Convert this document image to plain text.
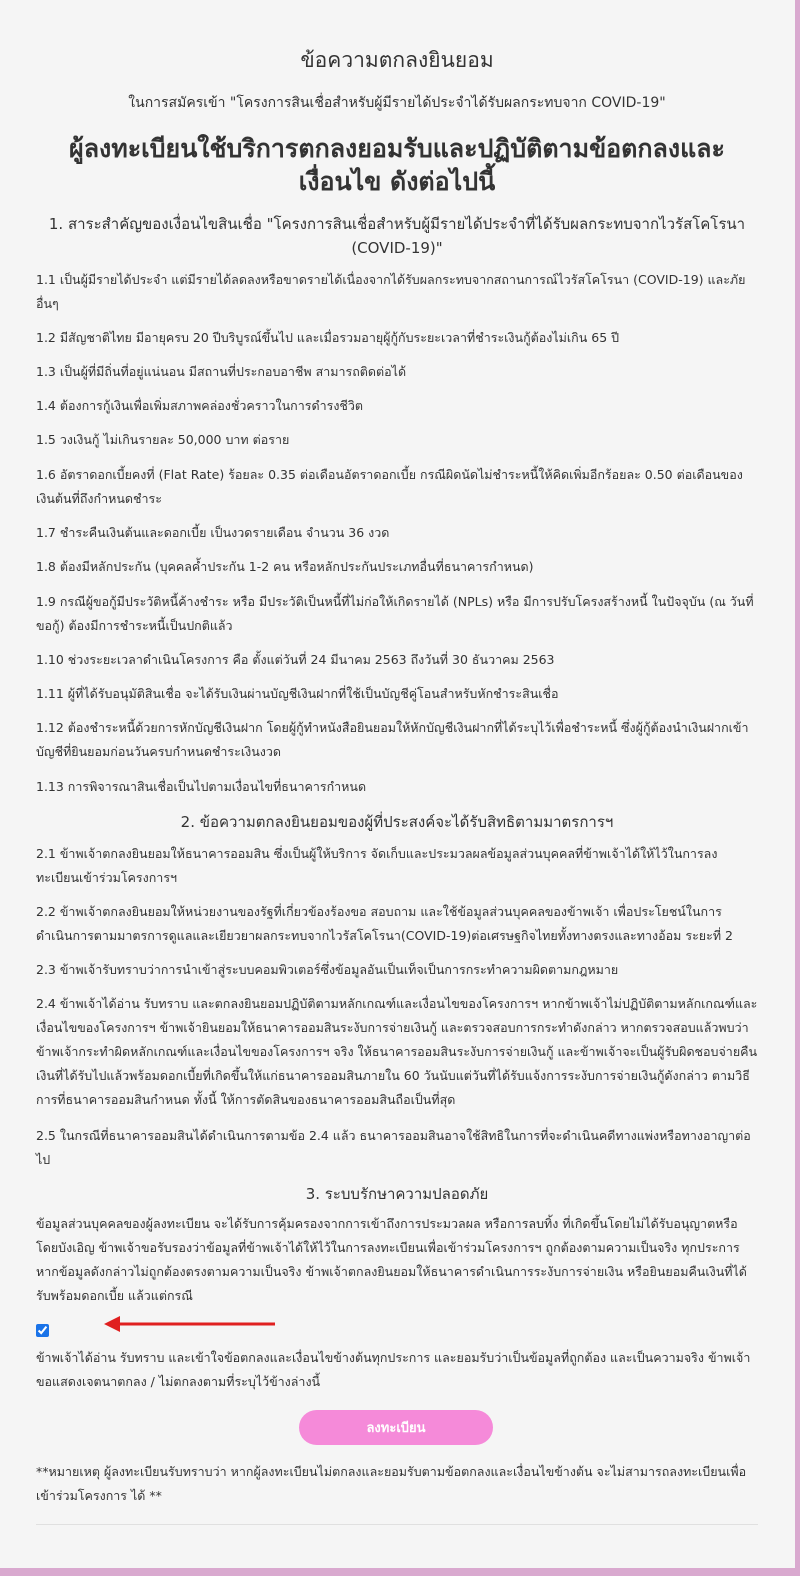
ข้อความตกลงยินยอม
ในการสมัครเข้า "โครงการสินเชื่อสำหรับผู้มีรายได้ประจำได้รับผลกระทบจาก COVID-19"
ผู้ลงทะเบียนใช้บริการตกลงยอมรับและปฏิบัติตามข้อตกลงและเงื่อนไข ดังต่อไปนี้
1. สาระสำคัญของเงื่อนไขสินเชื่อ "โครงการสินเชื่อสำหรับผู้มีรายได้ประจำที่ได้รับผลกระทบจากไวรัสโคโรนา (COVID-19)"
1.1 เป็นผู้มีรายได้ประจำ แต่มีรายได้ลดลงหรือขาดรายได้เนื่องจากได้รับผลกระทบจากสถานการณ์ไวรัสโคโรนา (COVID-19) และภัยอื่นๆ
1.2 มีสัญชาติไทย มีอายุครบ 20 ปีบริบูรณ์ขึ้นไป และเมื่อรวมอายุผู้กู้กับระยะเวลาที่ชำระเงินกู้ต้องไม่เกิน 65 ปี
1.3 เป็นผู้ที่มีถิ่นที่อยู่แน่นอน มีสถานที่ประกอบอาชีพ สามารถติดต่อได้
1.4 ต้องการกู้เงินเพื่อเพิ่มสภาพคล่องชั่วคราวในการดำรงชีวิต
1.5 วงเงินกู้ ไม่เกินรายละ 50,000 บาท ต่อราย
1.6 อัตราดอกเบี้ยคงที่ (Flat Rate) ร้อยละ 0.35 ต่อเดือนอัตราดอกเบี้ย กรณีผิดนัดไม่ชำระหนี้ให้คิดเพิ่มอีกร้อยละ 0.50 ต่อเดือนของเงินต้นที่ถึงกำหนดชำระ
1.7 ชำระคืนเงินต้นและดอกเบี้ย เป็นงวดรายเดือน จำนวน 36 งวด
1.8 ต้องมีหลักประกัน (บุคคลค้ำประกัน 1-2 คน หรือหลักประกันประเภทอื่นที่ธนาคารกำหนด)
1.9 กรณีผู้ขอกู้มีประวัติหนี้ค้างชำระ หรือ มีประวัติเป็นหนี้ที่ไม่ก่อให้เกิดรายได้ (NPLs) หรือ มีการปรับโครงสร้างหนี้ ในปัจจุบัน (ณ วันที่ขอกู้) ต้องมีการชำระหนี้เป็นปกติแล้ว
1.10 ช่วงระยะเวลาดำเนินโครงการ คือ ตั้งแต่วันที่ 24 มีนาคม 2563 ถึงวันที่ 30 ธันวาคม 2563
1.11 ผู้ที่ได้รับอนุมัติสินเชื่อ จะได้รับเงินผ่านบัญชีเงินฝากที่ใช้เป็นบัญชีคู่โอนสำหรับหักชำระสินเชื่อ
1.12 ต้องชำระหนี้ด้วยการหักบัญชีเงินฝาก โดยผู้กู้ทำหนังสือยินยอมให้หักบัญชีเงินฝากที่ได้ระบุไว้เพื่อชำระหนี้ ซึ่งผู้กู้ต้องนำเงินฝากเข้าบัญชีที่ยินยอมก่อนวันครบกำหนดชำระเงินงวด
1.13 การพิจารณาสินเชื่อเป็นไปตามเงื่อนไขที่ธนาคารกำหนด
2. ข้อความตกลงยินยอมของผู้ที่ประสงค์จะได้รับสิทธิตามมาตรการฯ
2.1 ข้าพเจ้าตกลงยินยอมให้ธนาคารออมสิน ซึ่งเป็นผู้ให้บริการ จัดเก็บและประมวลผลข้อมูลส่วนบุคคลที่ข้าพเจ้าได้ให้ไว้ในการลงทะเบียนเข้าร่วมโครงการฯ
2.2 ข้าพเจ้าตกลงยินยอมให้หน่วยงานของรัฐที่เกี่ยวข้องร้องขอ สอบถาม และใช้ข้อมูลส่วนบุคคลของข้าพเจ้า เพื่อประโยชน์ในการดำเนินการตามมาตรการดูแลและเยียวยาผลกระทบจากไวรัสโคโรนา(COVID-19)ต่อเศรษฐกิจไทยทั้งทางตรงและทางอ้อม ระยะที่ 2
2.3 ข้าพเจ้ารับทราบว่าการนำเข้าสู่ระบบคอมพิวเตอร์ซึ่งข้อมูลอันเป็นเท็จเป็นการกระทำความผิดตามกฎหมาย
2.4 ข้าพเจ้าได้อ่าน รับทราบ และตกลงยินยอมปฏิบัติตามหลักเกณฑ์และเงื่อนไขของโครงการฯ หากข้าพเจ้าไม่ปฏิบัติตามหลักเกณฑ์และเงื่อนไขของโครงการฯ ข้าพเจ้ายินยอมให้ธนาคารออมสินระงับการจ่ายเงินกู้ และตรวจสอบการกระทำดังกล่าว หากตรวจสอบแล้วพบว่าข้าพเจ้ากระทำผิดหลักเกณฑ์และเงื่อนไขของโครงการฯ จริง ให้ธนาคารออมสินระงับการจ่ายเงินกู้ และข้าพเจ้าจะเป็นผู้รับผิดชอบจ่ายคืนเงินที่ได้รับไปแล้วพร้อมดอกเบี้ยที่เกิดขึ้นให้แก่ธนาคารออมสินภายใน 60 วันนับแต่วันที่ได้รับแจ้งการระงับการจ่ายเงินกู้ดังกล่าว ตามวิธีการที่ธนาคารออมสินกำหนด ทั้งนี้ ให้การตัดสินของธนาคารออมสินถือเป็นที่สุด
2.5 ในกรณีที่ธนาคารออมสินได้ดำเนินการตามข้อ 2.4 แล้ว ธนาคารออมสินอาจใช้สิทธิในการที่จะดำเนินคดีทางแพ่งหรือทางอาญาต่อไป
3. ระบบรักษาความปลอดภัย
ข้อมูลส่วนบุคคลของผู้ลงทะเบียน จะได้รับการคุ้มครองจากการเข้าถึงการประมวลผล หรือการลบทิ้ง ที่เกิดขึ้นโดยไม่ได้รับอนุญาตหรือโดยบังเอิญ ข้าพเจ้าขอรับรองว่าข้อมูลที่ข้าพเจ้าได้ให้ไว้ในการลงทะเบียนเพื่อเข้าร่วมโครงการฯ ถูกต้องตามความเป็นจริง ทุกประการ หากข้อมูลดังกล่าวไม่ถูกต้องตรงตามความเป็นจริง ข้าพเจ้าตกลงยินยอมให้ธนาคารดำเนินการระงับการจ่ายเงิน หรือยินยอมคืนเงินที่ได้รับพร้อมดอกเบี้ย แล้วแต่กรณี
ข้าพเจ้าได้อ่าน รับทราบ และเข้าใจข้อตกลงและเงื่อนไขข้างต้นทุกประการ และยอมรับว่าเป็นข้อมูลที่ถูกต้อง และเป็นความจริง ข้าพเจ้าขอแสดงเจตนาตกลง / ไม่ตกลงตามที่ระบุไว้ข้างล่างนี้
**หมายเหตุ ผู้ลงทะเบียนรับทราบว่า หากผู้ลงทะเบียนไม่ตกลงและยอมรับตามข้อตกลงและเงื่อนไขข้างต้น จะไม่สามารถลงทะเบียนเพื่อเข้าร่วมโครงการ ได้ **
ลงทะเบียน
